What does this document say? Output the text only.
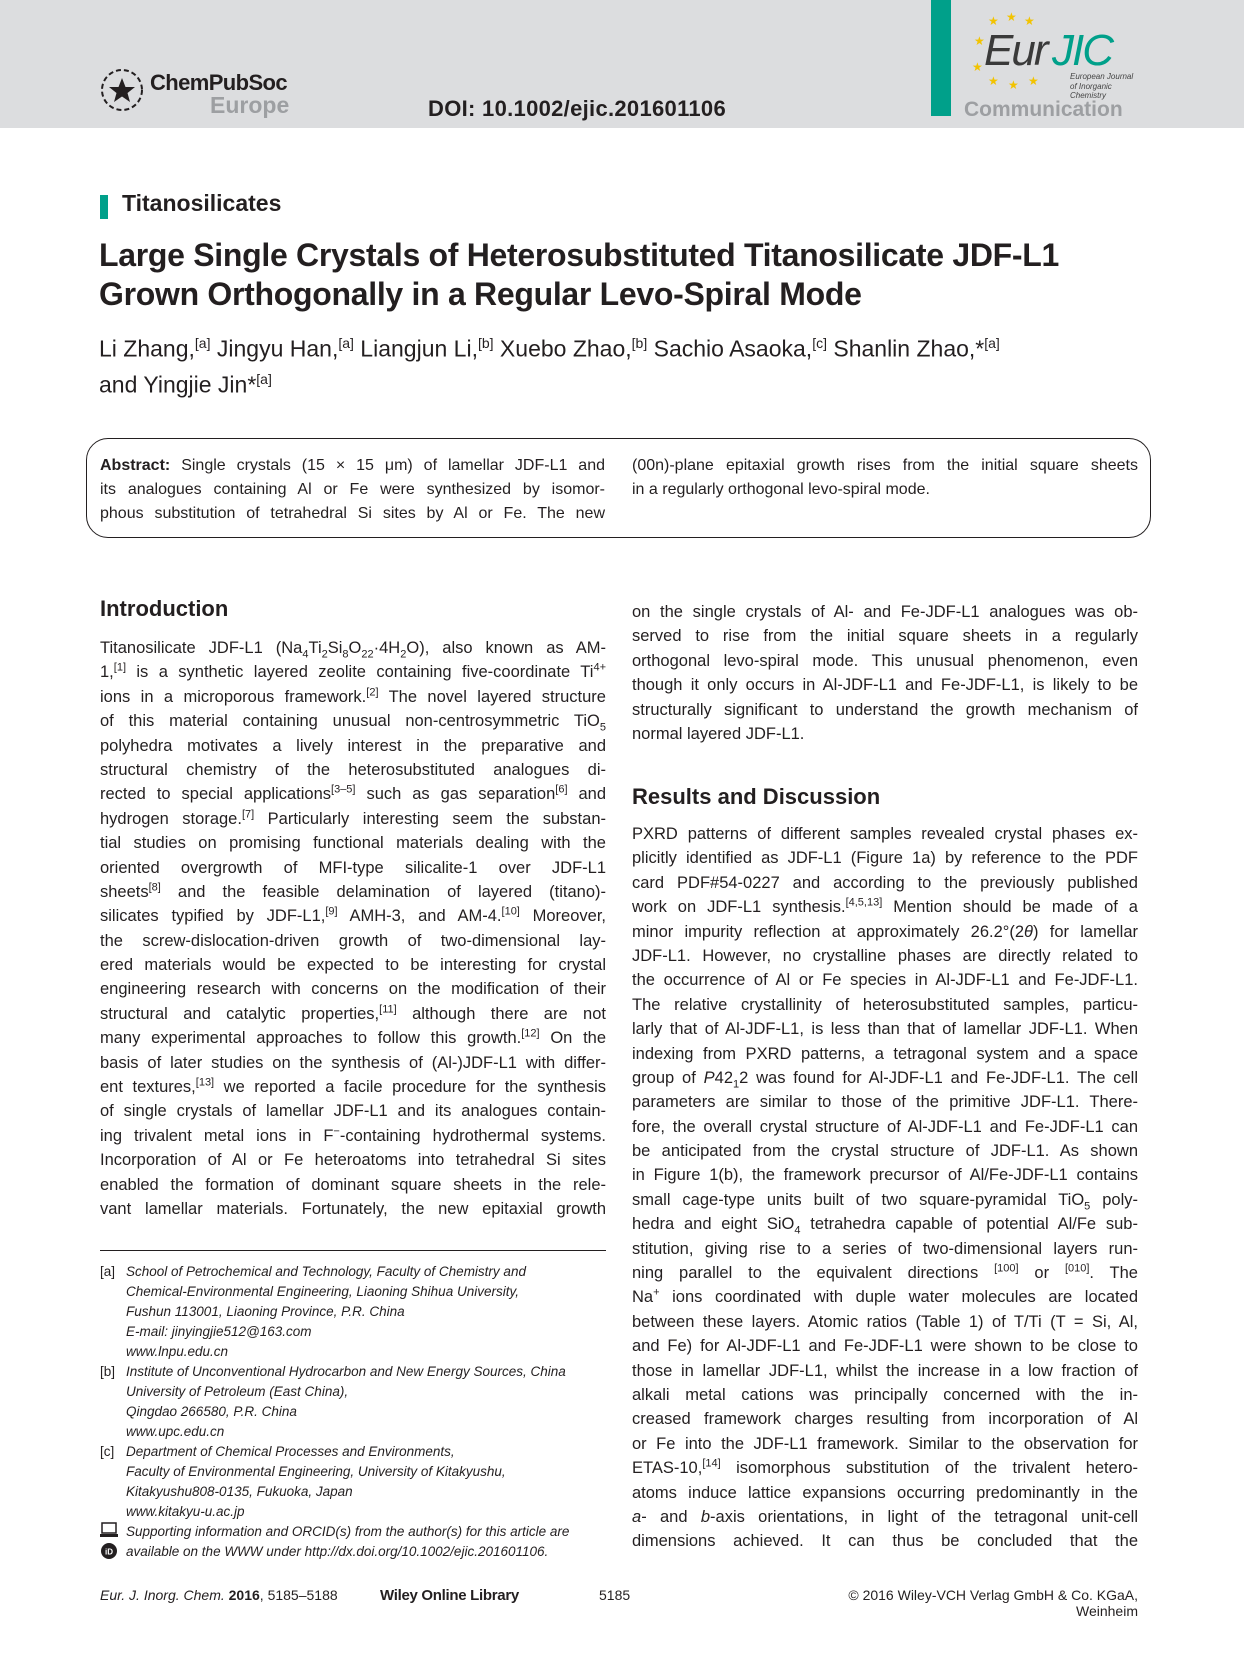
ChemPubSoc
Europe	DOI: 10.1002/ejic.201601106
★ ★ ★
★
★
★ ★ ★
Eur JIC
European Journal
of Inorganic Chemistry
Communication
Titanosilicates
Large Single Crystals of Heterosubstituted Titanosilicate JDF-L1
Grown Orthogonally in a Regular Levo-Spiral Mode
Li Zhang,[a] Jingyu Han,[a] Liangjun Li,[b] Xuebo Zhao,[b] Sachio Asaoka,[c] Shanlin Zhao,*[a]
and Yingjie Jin*[a]
Abstract: Single crystals (15 × 15 μm) of lamellar JDF-L1 and
its analogues containing Al or Fe were synthesized by isomor-
phous substitution of tetrahedral Si sites by Al or Fe. The new
(00n)-plane epitaxial growth rises from the initial square sheets
in a regularly orthogonal levo-spiral mode.
Introduction
Titanosilicate JDF-L1 $(Na_4Ti_2Si_8O_{22}\cdot 4H_2O)$, also known as AM-
1,[1] is a synthetic layered zeolite containing five-coordinate $Ti^{4+}$
ions in a microporous framework.[2] The novel layered structure
of this material containing unusual non-centrosymmetric TiO$_5$
polyhedra motivates a lively interest in the preparative and
structural chemistry of the heterosubstituted analogues di-
rected to special applications[3–5] such as gas separation[6] and
hydrogen storage.[7] Particularly interesting seem the substan-
tial studies on promising functional materials dealing with the
oriented overgrowth of MFI-type silicalite-1 over JDF-L1
sheets[8] and the feasible delamination of layered (titano)-
silicates typified by JDF-L1,[9] AMH-3, and AM-4.[10] Moreover,
the screw-dislocation-driven growth of two-dimensional lay-
ered materials would be expected to be interesting for crystal
engineering research with concerns on the modification of their
structural and catalytic properties,[11] although there are not
many experimental approaches to follow this growth.[12] On the
basis of later studies on the synthesis of (Al-)JDF-L1 with differ-
ent textures,[13] we reported a facile procedure for the synthesis
of single crystals of lamellar JDF-L1 and its analogues contain-
ing trivalent metal ions in F−-containing hydrothermal systems.
Incorporation of Al or Fe heteroatoms into tetrahedral Si sites
enabled the formation of dominant square sheets in the rele-
vant lamellar materials. Fortunately, the new epitaxial growth
on the single crystals of Al- and Fe-JDF-L1 analogues was ob-
served to rise from the initial square sheets in a regularly
orthogonal levo-spiral mode. This unusual phenomenon, even
though it only occurs in Al-JDF-L1 and Fe-JDF-L1, is likely to be
structurally significant to understand the growth mechanism of
normal layered JDF-L1.
Results and Discussion
PXRD patterns of different samples revealed crystal phases ex-
plicitly identified as JDF-L1 (Figure 1a) by reference to the PDF
card PDF#54-0227 and according to the previously published
work on JDF-L1 synthesis.[4,5,13] Mention should be made of a
minor impurity reflection at approximately 26.2°(2θ) for lamellar
JDF-L1. However, no crystalline phases are directly related to
the occurrence of Al or Fe species in Al-JDF-L1 and Fe-JDF-L1.
The relative crystallinity of heterosubstituted samples, particu-
larly that of Al-JDF-L1, is less than that of lamellar JDF-L1. When
indexing from PXRD patterns, a tetragonal system and a space
group of $P42_12$ was found for Al-JDF-L1 and Fe-JDF-L1. The cell
parameters are similar to those of the primitive JDF-L1. There-
fore, the overall crystal structure of Al-JDF-L1 and Fe-JDF-L1 can
be anticipated from the crystal structure of JDF-L1. As shown
in Figure 1(b), the framework precursor of Al/Fe-JDF-L1 contains
small cage-type units built of two square-pyramidal TiO$_5$ poly-
hedra and eight SiO$_4$ tetrahedra capable of potential Al/Fe sub-
stitution, giving rise to a series of two-dimensional layers run-
ning parallel to the equivalent directions [100] or [010]. The
Na+ ions coordinated with duple water molecules are located
between these layers. Atomic ratios (Table 1) of T/Ti (T = Si, Al,
and Fe) for Al-JDF-L1 and Fe-JDF-L1 were shown to be close to
those in lamellar JDF-L1, whilst the increase in a low fraction of
alkali metal cations was principally concerned with the in-
creased framework charges resulting from incorporation of Al
or Fe into the JDF-L1 framework. Similar to the observation for
ETAS-10,[14] isomorphous substitution of the trivalent hetero-
atoms induce lattice expansions occurring predominantly in the
a- and b-axis orientations, in light of the tetragonal unit-cell
dimensions achieved. It can thus be concluded that the
[a] School of Petrochemical and Technology, Faculty of Chemistry and
Chemical-Environmental Engineering, Liaoning Shihua University,
Fushun 113001, Liaoning Province, P.R. China
E-mail: jinyingjie512@163.com
www.lnpu.edu.cn
[b] Institute of Unconventional Hydrocarbon and New Energy Sources, China
University of Petroleum (East China),
Qingdao 266580, P.R. China
www.upc.edu.cn
[c] Department of Chemical Processes and Environments,
Faculty of Environmental Engineering, University of Kitakyushu,
Kitakyushu808-0135, Fukuoka, Japan
www.kitakyu-u.ac.jp
Supporting information and ORCID(s) from the author(s) for this article are
iD available on the WWW under http://dx.doi.org/10.1002/ejic.201601106.
Eur. J. Inorg. Chem. 2016, 5185–5188	Wiley Online Library	5185	© 2016 Wiley-VCH Verlag GmbH & Co. KGaA, Weinheim
